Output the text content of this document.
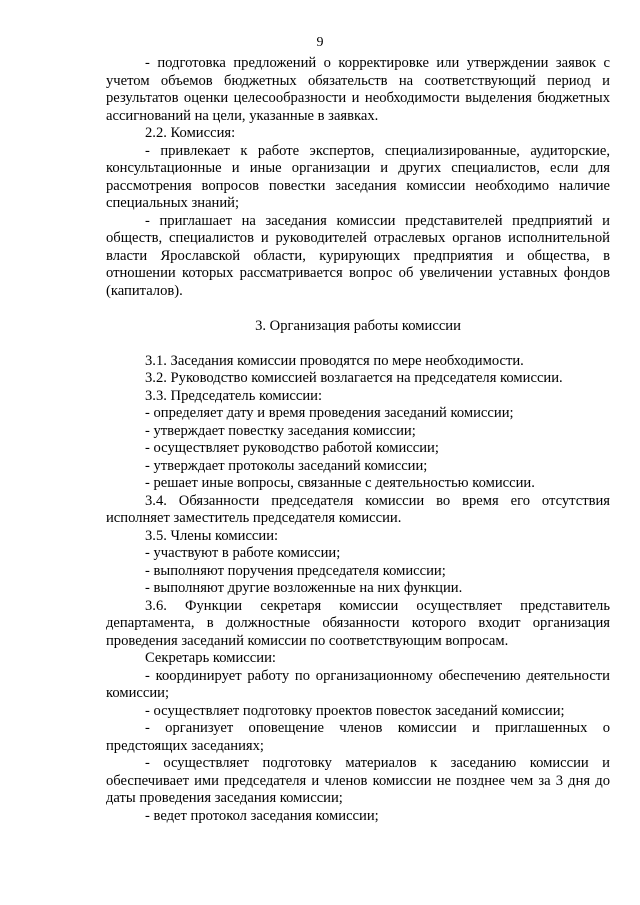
9

- подготовка предложений о корректировке или утверждении заявок с учетом объемов бюджетных обязательств на соответствующий период и результатов оценки целесообразности и необходимости выделения бюджетных ассигнований на цели, указанные в заявках.

2.2. Комиссия:

- привлекает к работе экспертов, специализированные, аудиторские, консультационные и иные организации и других специалистов, если для рассмотрения вопросов повестки заседания комиссии необходимо наличие специальных знаний;

- приглашает на заседания комиссии представителей предприятий и обществ, специалистов и руководителей отраслевых органов исполнительной власти Ярославской области, курирующих предприятия и общества, в отношении которых рассматривается вопрос об увеличении уставных фондов (капиталов).

3. Организация работы комиссии

3.1. Заседания комиссии проводятся по мере необходимости.

3.2. Руководство комиссией возлагается на председателя комиссии.

3.3. Председатель комиссии:

- определяет дату и время проведения заседаний комиссии;

- утверждает повестку заседания комиссии;

- осуществляет руководство работой комиссии;

- утверждает протоколы заседаний комиссии;

- решает иные вопросы, связанные с деятельностью комиссии.

3.4. Обязанности председателя комиссии во время его отсутствия исполняет заместитель председателя комиссии.

3.5. Члены комиссии:

- участвуют в работе комиссии;

- выполняют поручения председателя комиссии;

- выполняют другие возложенные на них функции.

3.6. Функции секретаря комиссии осуществляет представитель департамента, в должностные обязанности которого входит организация проведения заседаний комиссии по соответствующим вопросам.

Секретарь комиссии:

- координирует работу по организационному обеспечению деятельности комиссии;

- осуществляет подготовку проектов повесток заседаний комиссии;

- организует оповещение членов комиссии и приглашенных о предстоящих заседаниях;

- осуществляет подготовку материалов к заседанию комиссии и обеспечивает ими председателя и членов комиссии не позднее чем за 3 дня до даты проведения заседания комиссии;

- ведет протокол заседания комиссии;
